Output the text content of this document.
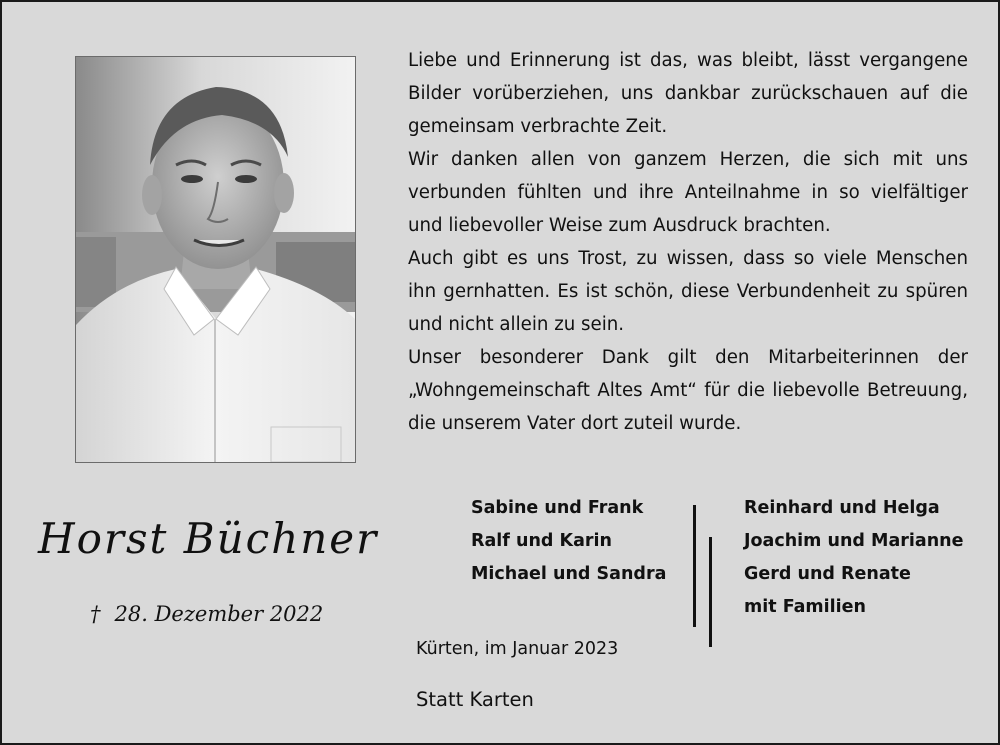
Liebe und Erinnerung ist das, was bleibt, lässt vergangene Bilder vorüberziehen, uns dankbar zurückschauen auf die gemeinsam verbrachte Zeit.

Wir danken allen von ganzem Herzen, die sich mit uns verbunden fühlten und ihre Anteilnahme in so vielfältiger und liebevoller Weise zum Ausdruck brachten.

Auch gibt es uns Trost, zu wissen, dass so viele Menschen ihn gernhatten. Es ist schön, diese Verbundenheit zu spüren und nicht allein zu sein.

Unser besonderer Dank gilt den Mitarbeiterinnen der „Wohngemeinschaft Altes Amt“ für die liebevolle Betreuung, die unserem Vater dort zuteil wurde.

Horst Büchner
† 28. Dezember 2022
Sabine und Frank
Ralf und Karin
Michael und Sandra
Reinhard und Helga
Joachim und Marianne
Gerd und Renate
mit Familien
Kürten, im Januar 2023
Statt Karten
